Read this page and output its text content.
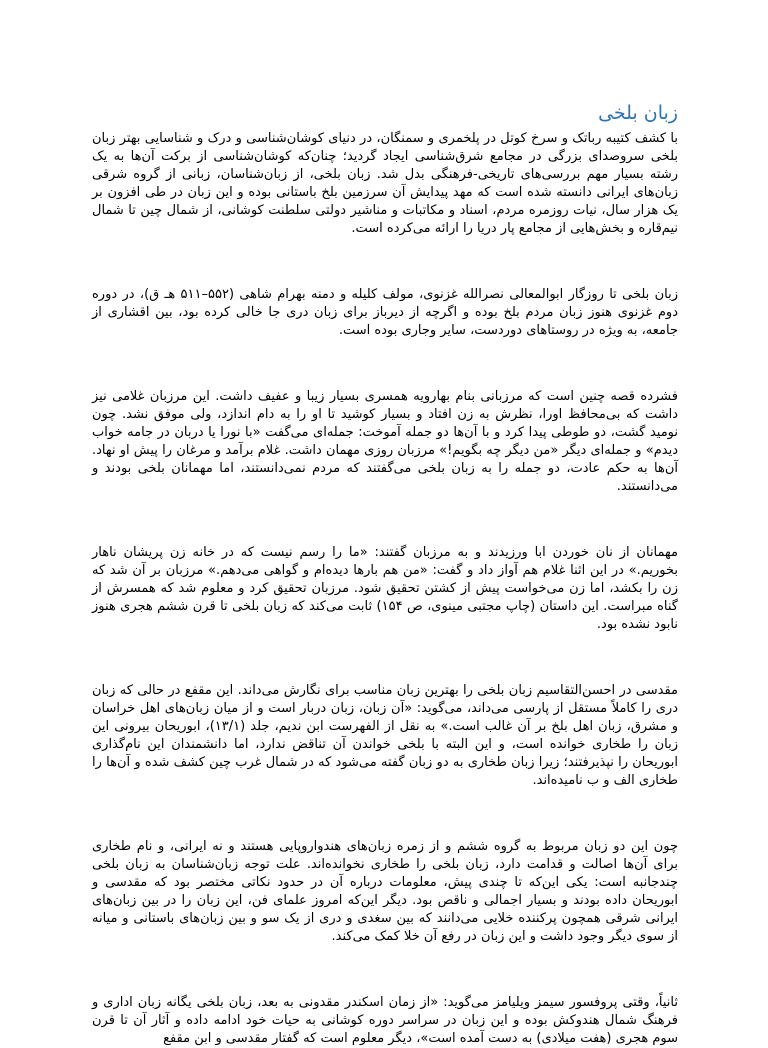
زبان بلخی

با کشف کتیبه رباتک و سرخ کوتل در پلخمری و سمنگان، در دنیای کوشان‌شناسی و درک و شناسایی بهتر زبان بلخی سروصدای بزرگی در مجامع شرق‌شناسی ایجاد گردید؛ چنان‌که کوشان‌شناسی از برکت آن‌ها به یک رشته بسیار مهم بررسی‌های تاریخی-فرهنگی بدل شد. زبان بلخی، از زبان‌شناسان، زبانی از گروه شرقی زبان‌های ایرانی دانسته شده است که مهد پیدایش آن سرزمین بلخ باستانی بوده و این زبان در طی افزون بر یک هزار سال، نیات روزمره مردم، اسناد و مکاتبات و مناشیر دولتی سلطنت کوشانی، از شمال چین تا شمال نیم‌قاره و بخش‌هایی از مجامع پار دریا را ارائه می‌کرده است.

زبان بلخی تا روزگار ابوالمعالی نصرالله غزنوی، مولف کلیله و دمنه بهرام شاهی (۵۵۲–۵۱۱ هـ ق)، در دوره دوم غزنوی هنوز زبان مردم بلخ بوده و اگرچه از دیرباز برای زبان دری جا خالی کرده بود، بین اقشاری از جامعه، به ویژه در روستاهای دوردست، سایر وجاری بوده است.

فشرده قصه چنین است که مرزبانی بنام بهارویه همسری بسیار زیبا و عفیف داشت. این مرزبان غلامی نیز داشت که بی‌محافظ اورا، نظرش به زن افتاد و بسیار کوشید تا او را به دام اندازد، ولی موفق نشد. چون نومید گشت، دو طوطی پیدا کرد و با آن‌ها دو جمله آموخت: جمله‌ای می‌گفت «با نورا یا دربان در جامه خواب دیدم» و جمله‌ای دیگر «من دیگر چه بگویم!» مرزبان روزی مهمان داشت. غلام برآمد و مرغان را پیش او نهاد. آن‌ها به حکم عادت، دو جمله را به زبان بلخی می‌گفتند که مردم نمی‌دانستند، اما مهمانان بلخی بودند و می‌دانستند.

مهمانان از نان خوردن ابا ورزیدند و به مرزبان گفتند: «ما را رسم نیست که در خانه زن پریشان ناهار بخوریم.» در این اثنا غلام هم آواز داد و گفت: «من هم بارها دیده‌ام و گواهی می‌دهم.» مرزبان بر آن شد که زن را بکشد، اما زن می‌خواست پیش از کشتن تحقیق شود. مرزبان تحقیق کرد و معلوم شد که همسرش از گناه مبراست. این داستان (چاپ مجتبی مینوی، ص ۱۵۴) ثابت می‌کند که زبان بلخی تا قرن ششم هجری هنوز نابود نشده بود.

مقدسی در احسن‌التقاسیم زبان بلخی را بهترین زبان مناسب برای نگارش می‌داند. این مقفع در حالی که زبان دری را کاملاً مستقل از پارسی می‌داند، می‌گوید: «آن زبان، زبان دربار است و از میان زبان‌های اهل خراسان و مشرق، زبان اهل بلخ بر آن غالب است.» به نقل از الفهرست ابن ندیم، جلد (۱۳/۱)، ابوریحان بیرونی این زبان را طخاری خوانده است، و این البته با بلخی خواندن آن تناقض ندارد، اما دانشمندان این نام‌گذاری ابوریحان را نپذیرفتند؛ زیرا زبان طخاری به دو زبان گفته می‌شود که در شمال غرب چین کشف شده و آن‌ها را طخاری الف و ب نامیده‌اند.

چون این دو زبان مربوط به گروه ششم و از زمره زبان‌های هندواروپایی هستند و نه ایرانی، و نام طخاری برای آن‌ها اصالت و قدامت دارد، زبان بلخی را طخاری نخوانده‌اند. علت توجه زبان‌شناسان به زبان بلخی چندجانبه است: یکی این‌که تا چندی پیش، معلومات درباره آن در حدود نکاتی مختصر بود که مقدسی و ابوریحان داده بودند و بسیار اجمالی و ناقص بود. دیگر این‌که امروز علمای فن، این زبان را در بین زبان‌های ایرانی شرقی همچون پرکننده خلایی می‌دانند که بین سغدی و دری از یک سو و بین زبان‌های باستانی و میانه از سوی دیگر وجود داشت و این زبان در رفع آن خلا کمک می‌کند.

ثانیاً، وقتی پروفسور سیمز ویلیامز می‌گوید: «از زمان اسکندر مقدونی به بعد، زبان بلخی یگانه زبان اداری و فرهنگ شمال هندوکش بوده و این زبان در سراسر دوره کوشانی به حیات خود ادامه داده و آثار آن تا قرن سوم هجری (هفت میلادی) به دست آمده است»، دیگر معلوم است که گفتار مقدسی و ابن مقفع
